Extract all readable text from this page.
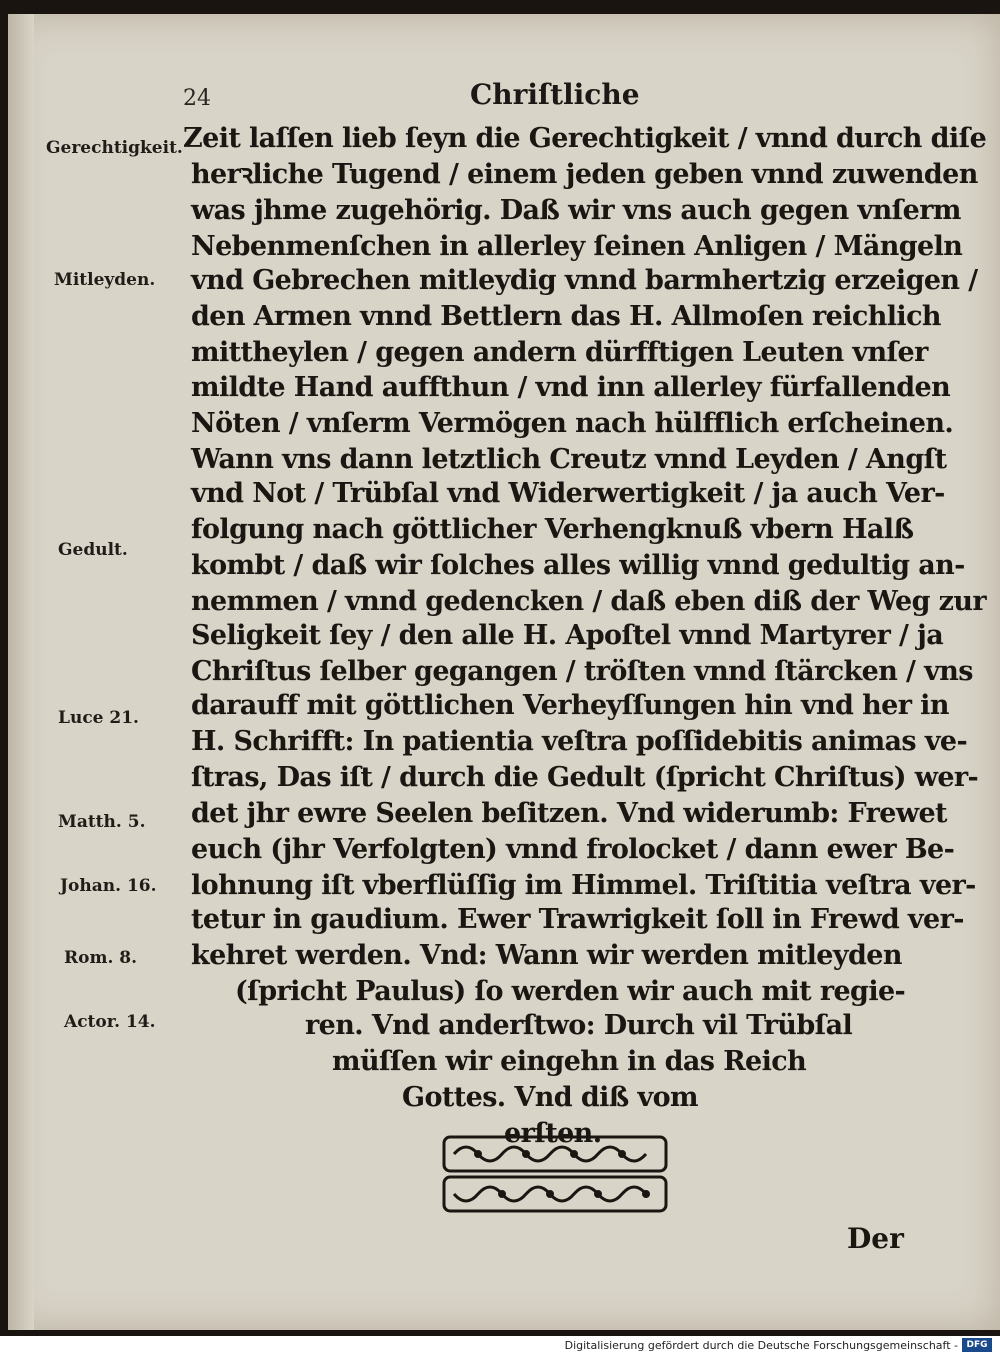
24	Chriſtliche
Zeit laſſen lieb ſeyn die Gerechtigkeit / vnnd durch diſe
herꝛliche Tugend / einem jeden geben vnnd zuwenden
was jhme zugehörig. Daß wir vns auch gegen vnſerm
Nebenmenſchen in allerley ſeinen Anligen / Mängeln
vnd Gebrechen mitleydig vnnd barmhertzig erzeigen /
den Armen vnnd Bettlern das H. Allmoſen reichlich
mittheylen / gegen andern dürfftigen Leuten vnſer
mildte Hand auffthun / vnd inn allerley fürfallenden
Nöten / vnſerm Vermögen nach hülfflich erſcheinen.
Wann vns dann letztlich Creutz vnnd Leyden / Angſt
vnd Not / Trübſal vnd Widerwertigkeit / ja auch Ver-
folgung nach göttlicher Verhengknuß vbern Halß
kombt / daß wir ſolches alles willig vnnd gedultig an-
nemmen / vnnd gedencken / daß eben diß der Weg zur
Seligkeit ſey / den alle H. Apoſtel vnnd Martyrer / ja
Chriſtus ſelber gegangen / tröſten vnnd ſtärcken / vns
darauff mit göttlichen Verheyſſungen hin vnd her in
H. Schrifft: In patientia veſtra poſſidebitis animas ve-
ſtras, Das iſt / durch die Gedult (ſpricht Chriſtus) wer-
det jhr ewre Seelen beſitzen. Vnd widerumb: Frewet
euch (jhr Verfolgten) vnnd frolocket / dann ewer Be-
lohnung iſt vberflüſſig im Himmel. Triſtitia veſtra ver-
tetur in gaudium. Ewer Trawrigkeit ſoll in Frewd ver-
kehret werden. Vnd: Wann wir werden mitleyden
(ſpricht Paulus) ſo werden wir auch mit regie-
ren. Vnd anderſtwo: Durch vil Trübſal
müſſen wir eingehn in das Reich
Gottes. Vnd diß vom
erſten.
Gerechtigkeit.
Mitleyden.
Gedult.
Luce 21.
Matth. 5.
Johan. 16.
Rom. 8.
Actor. 14.
Der
Digitalisierung gefördert durch die Deutsche Forschungsgemeinschaft - DFG
